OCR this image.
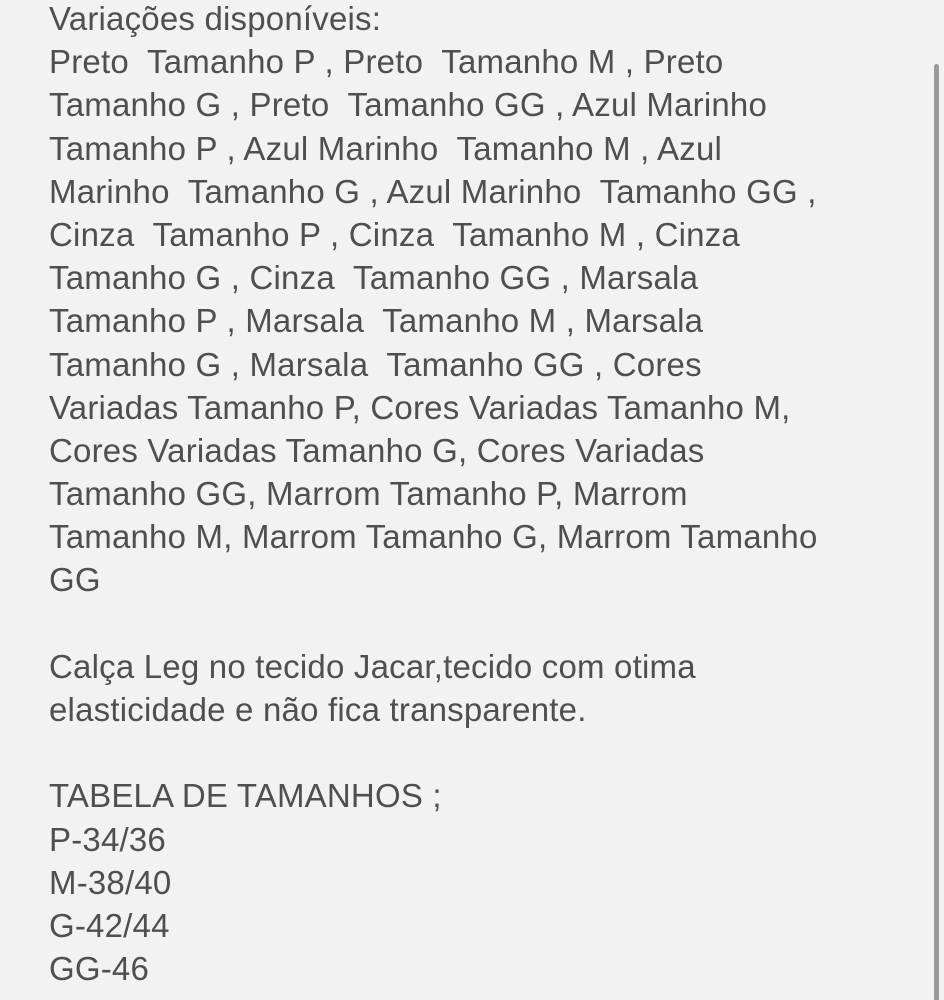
Variações disponíveis:
Preto  Tamanho P , Preto  Tamanho M , Preto
Tamanho G , Preto  Tamanho GG , Azul Marinho
Tamanho P , Azul Marinho  Tamanho M , Azul
Marinho  Tamanho G , Azul Marinho  Tamanho GG ,
Cinza  Tamanho P , Cinza  Tamanho M , Cinza
Tamanho G , Cinza  Tamanho GG , Marsala
Tamanho P , Marsala  Tamanho M , Marsala
Tamanho G , Marsala  Tamanho GG , Cores
Variadas Tamanho P, Cores Variadas Tamanho M,
Cores Variadas Tamanho G, Cores Variadas
Tamanho GG, Marrom Tamanho P, Marrom
Tamanho M, Marrom Tamanho G, Marrom Tamanho
GG
Calça Leg no tecido Jacar,tecido com otima
elasticidade e não fica transparente.
TABELA DE TAMANHOS ;
P-34/36
M-38/40
G-42/44
GG-46
